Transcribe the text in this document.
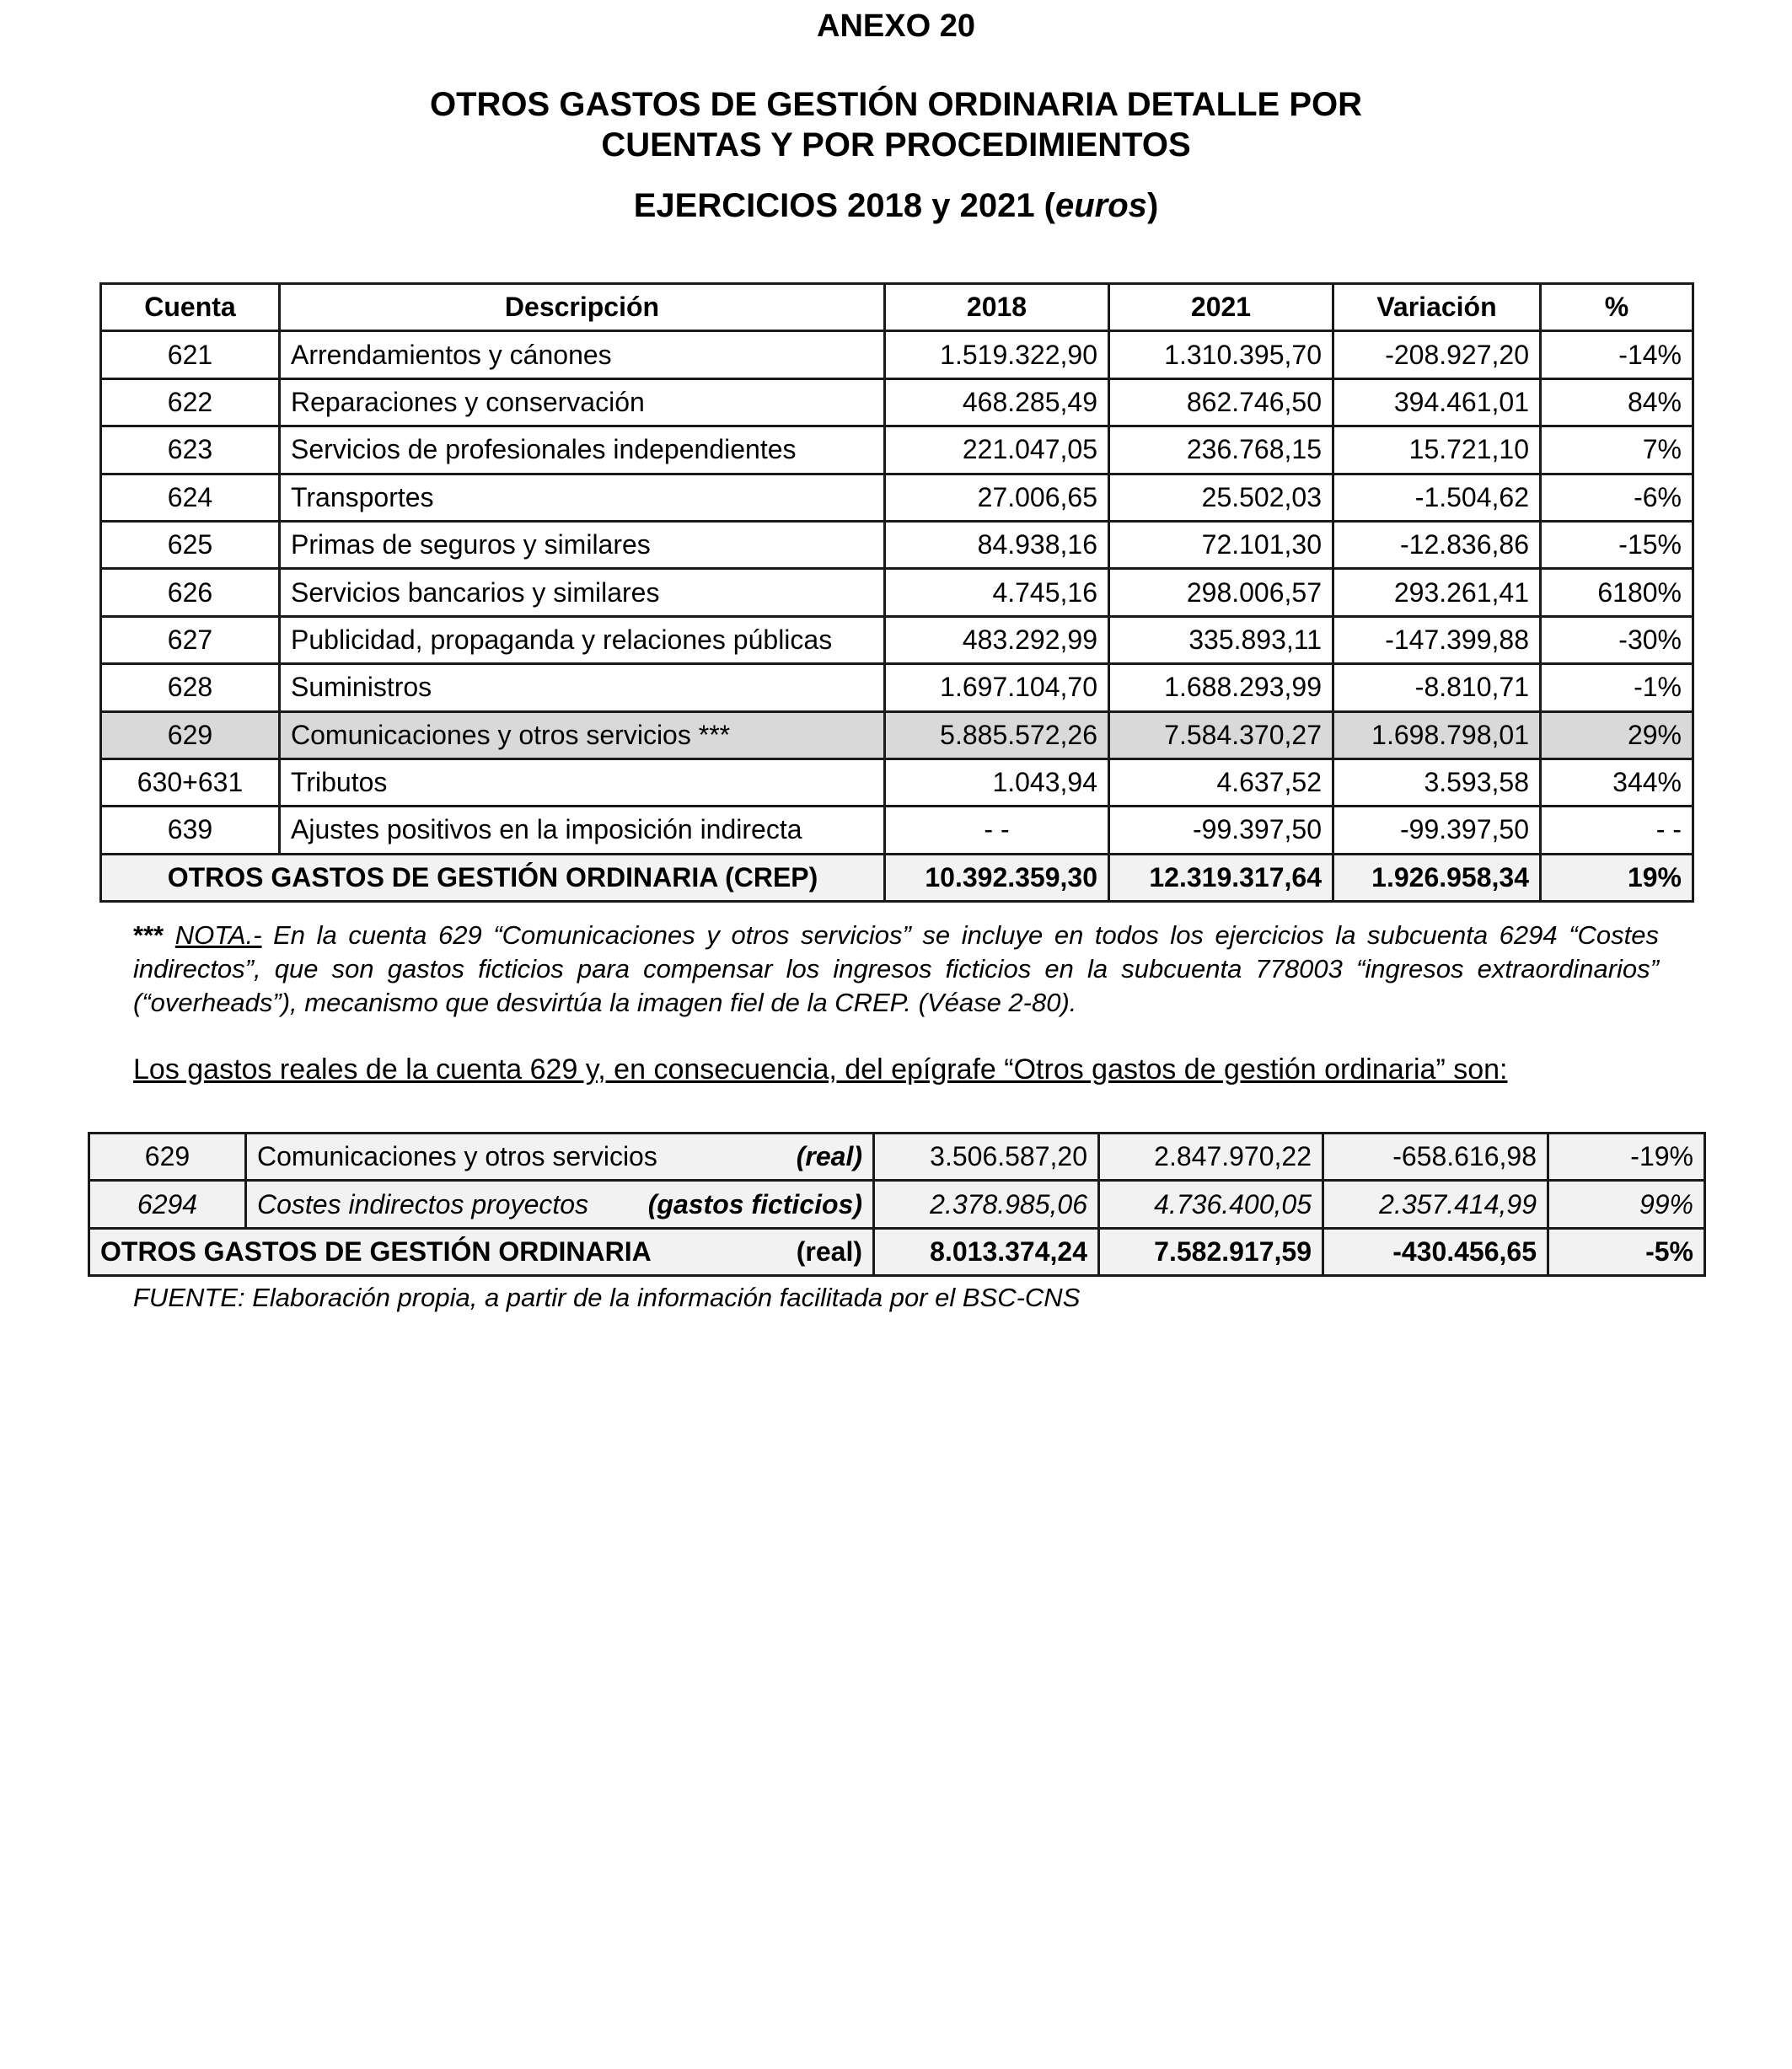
ANEXO 20
OTROS GASTOS DE GESTIÓN ORDINARIA DETALLE POR
CUENTAS Y POR PROCEDIMIENTOS
EJERCICIOS 2018 y 2021 (euros)
Cuenta	Descripción	2018	2021	Variación	%
621	Arrendamientos y cánones	1.519.322,90	1.310.395,70	-208.927,20	-14%
622	Reparaciones y conservación	468.285,49	862.746,50	394.461,01	84%
623	Servicios de profesionales independientes	221.047,05	236.768,15	15.721,10	7%
624	Transportes	27.006,65	25.502,03	-1.504,62	-6%
625	Primas de seguros y similares	84.938,16	72.101,30	-12.836,86	-15%
626	Servicios bancarios y similares	4.745,16	298.006,57	293.261,41	6180%
627	Publicidad, propaganda y relaciones públicas	483.292,99	335.893,11	-147.399,88	-30%
628	Suministros	1.697.104,70	1.688.293,99	-8.810,71	-1%
629	Comunicaciones y otros servicios ***	5.885.572,26	7.584.370,27	1.698.798,01	29%
630+631	Tributos	1.043,94	4.637,52	3.593,58	344%
639	Ajustes positivos en la imposición indirecta	- -	-99.397,50	-99.397,50	- -
OTROS GASTOS DE GESTIÓN ORDINARIA (CREP)		10.392.359,30	12.319.317,64	1.926.958,34	19%

*** NOTA.- En la cuenta 629 “Comunicaciones y otros servicios” se incluye en todos los ejercicios la subcuenta 6294 “Costes indirectos”, que son gastos ficticios para compensar los ingresos ficticios en la subcuenta 778003 “ingresos extraordinarios” (“overheads”), mecanismo que desvirtúa la imagen fiel de la CREP. (Véase 2-80).

Los gastos reales de la cuenta 629 y, en consecuencia, del epígrafe “Otros gastos de gestión ordinaria” son:

629	Comunicaciones y otros servicios (real)	3.506.587,20	2.847.970,22	-658.616,98	-19%
6294	Costes indirectos proyectos (gastos ficticios)	2.378.985,06	4.736.400,05	2.357.414,99	99%

OTROS GASTOS DE GESTIÓN ORDINARIA (real)		8.013.374,24	7.582.917,59	-430.456,65	-5%

FUENTE: Elaboración propia, a partir de la información facilitada por el BSC-CNS
